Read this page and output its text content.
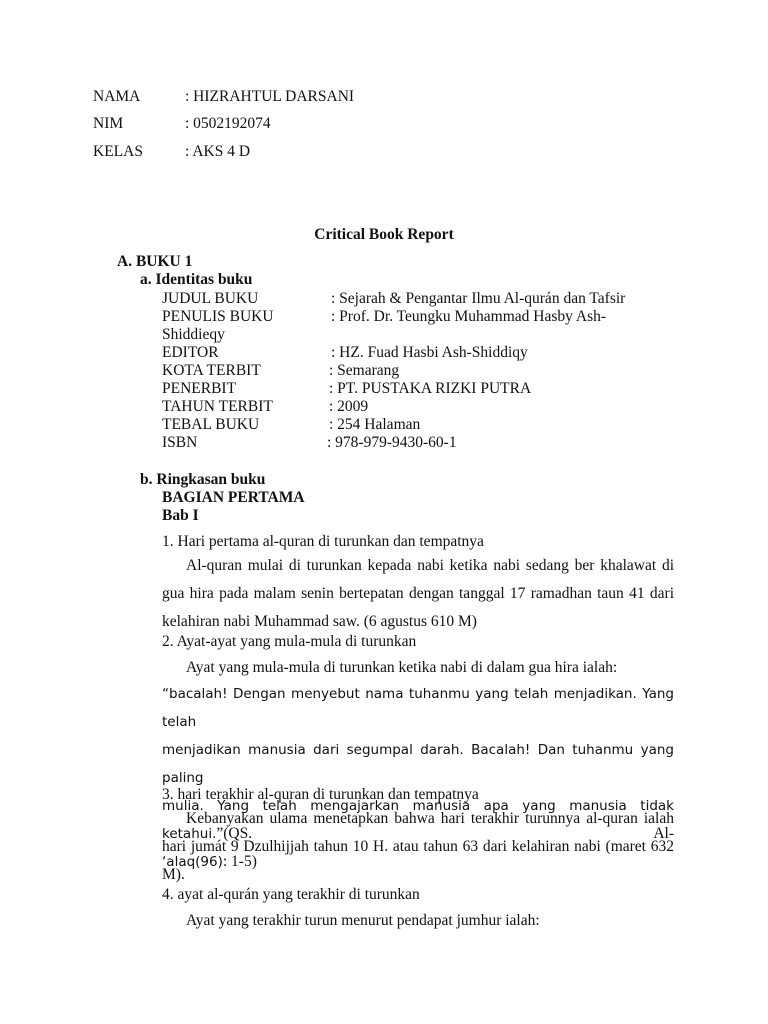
NAMA	: HIZRAHTUL DARSANI
NIM	: 0502192074
KELAS	: AKS 4 D
Critical Book Report
A. BUKU 1
a. Identitas buku
JUDUL BUKU	: Sejarah & Pengantar Ilmu Al-qurán dan Tafsir
PENULIS BUKU	: Prof. Dr. Teungku Muhammad Hasby Ash-
Shiddieqy
EDITOR	: HZ. Fuad Hasbi Ash-Shiddiqy
KOTA TERBIT	: Semarang
PENERBIT	: PT. PUSTAKA RIZKI PUTRA
TAHUN TERBIT	: 2009
TEBAL BUKU	: 254 Halaman
ISBN	: 978-979-9430-60-1
b. Ringkasan buku
BAGIAN PERTAMA
Bab I
1. Hari pertama al-quran di turunkan dan tempatnya
Al-quran mulai di turunkan kepada nabi ketika nabi sedang ber khalawat di gua hira pada malam senin bertepatan dengan tanggal 17 ramadhan taun 41 dari kelahiran nabi Muhammad saw. (6 agustus 610 M)
2. Ayat-ayat yang mula-mula di turunkan
Ayat yang mula-mula di turunkan ketika nabi di dalam gua hira ialah:
“bacalah! Dengan menyebut nama tuhanmu yang telah menjadikan. Yang telah
menjadikan manusia dari segumpal darah. Bacalah! Dan tuhanmu yang paling
mulia. Yang telah mengajarkan manusia apa yang manusia tidak ketahui.”(QS. Al-
‘alaq(96): 1-5)
3. hari terakhir al-quran di turunkan dan tempatnya
Kebanyakan ulama menetapkan bahwa hari terakhir turunnya al-quran ialah hari jumát 9 Dzulhijjah tahun 10 H. atau tahun 63 dari kelahiran nabi (maret 632 M).
4. ayat al-qurán yang terakhir di turunkan
Ayat yang terakhir turun menurut pendapat jumhur ialah:
